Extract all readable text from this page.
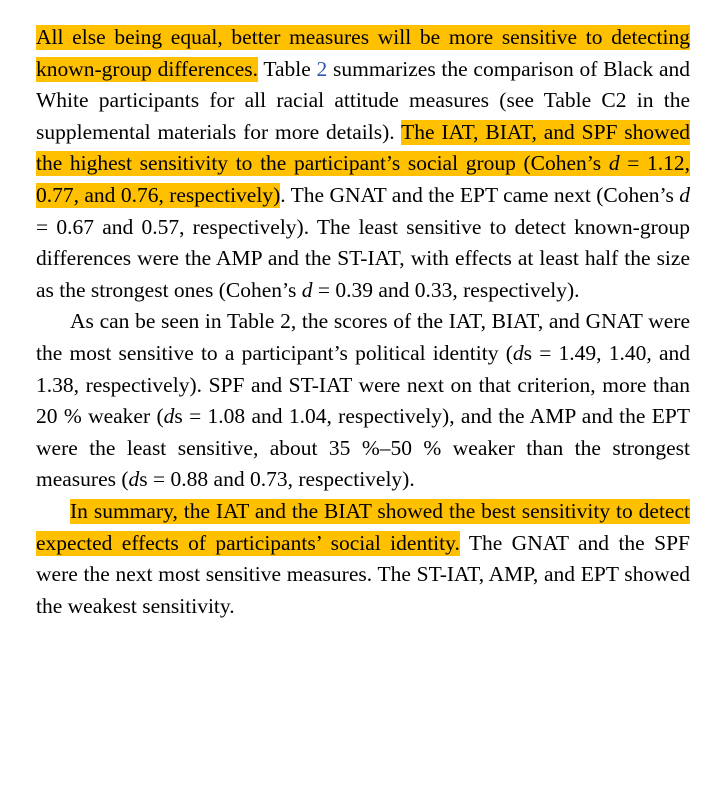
All else being equal, better measures will be more sensitive to detecting known-group differences. Table 2 summarizes the comparison of Black and White participants for all racial attitude measures (see Table C2 in the supplemental materials for more details). The IAT, BIAT, and SPF showed the highest sensitivity to the participant’s social group (Cohen’s d = 1.12, 0.77, and 0.76, respectively). The GNAT and the EPT came next (Cohen’s d = 0.67 and 0.57, respectively). The least sensitive to detect known-group differences were the AMP and the ST-IAT, with effects at least half the size as the strongest ones (Cohen’s d = 0.39 and 0.33, respectively).

As can be seen in Table 2, the scores of the IAT, BIAT, and GNAT were the most sensitive to a participant’s political identity (ds = 1.49, 1.40, and 1.38, respectively). SPF and ST-IAT were next on that criterion, more than 20 % weaker (ds = 1.08 and 1.04, respectively), and the AMP and the EPT were the least sensitive, about 35 %–50 % weaker than the strongest measures (ds = 0.88 and 0.73, respectively).

In summary, the IAT and the BIAT showed the best sensitivity to detect expected effects of participants’ social identity. The GNAT and the SPF were the next most sensitive measures. The ST-IAT, AMP, and EPT showed the weakest sensitivity.
